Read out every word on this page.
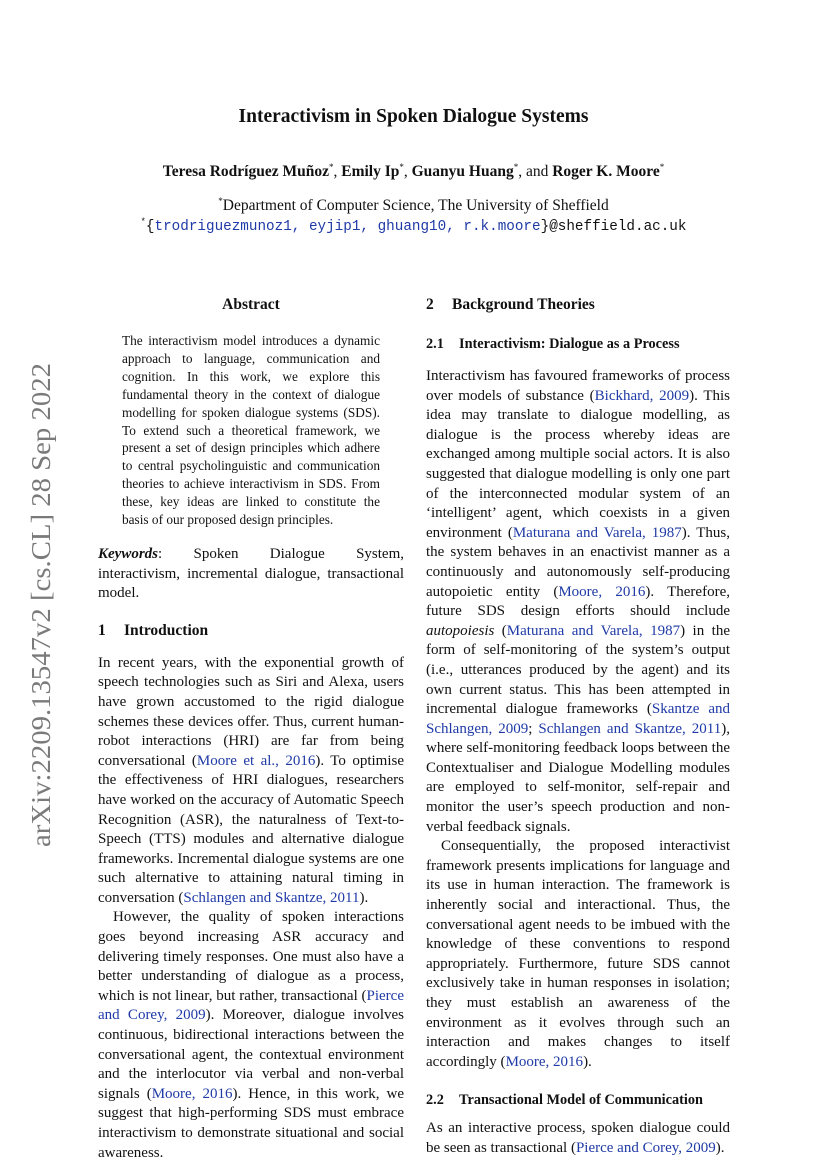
arXiv:2209.13547v2 [cs.CL] 28 Sep 2022
Interactivism in Spoken Dialogue Systems
Teresa Rodríguez Muñoz*, Emily Ip*, Guanyu Huang*, and Roger K. Moore*
*Department of Computer Science, The University of Sheffield
*{trodriguezmunoz1, eyjip1, ghuang10, r.k.moore}@sheffield.ac.uk
Abstract

The interactivism model introduces a dynamic approach to language, communication and cognition. In this work, we explore this fundamental theory in the context of dialogue modelling for spoken dialogue systems (SDS). To extend such a theoretical framework, we present a set of design principles which adhere to central psycholinguistic and communication theories to achieve interactivism in SDS. From these, key ideas are linked to constitute the basis of our proposed design principles.

Keywords: Spoken Dialogue System, interactivism, incremental dialogue, transactional model.
1 Introduction

In recent years, with the exponential growth of speech technologies such as Siri and Alexa, users have grown accustomed to the rigid dialogue schemes these devices offer. Thus, current human-robot interactions (HRI) are far from being conversational (Moore et al., 2016). To optimise the effectiveness of HRI dialogues, researchers have worked on the accuracy of Automatic Speech Recognition (ASR), the naturalness of Text-to-Speech (TTS) modules and alternative dialogue frameworks. Incremental dialogue systems are one such alternative to attaining natural timing in conversation (Schlangen and Skantze, 2011).

However, the quality of spoken interactions goes beyond increasing ASR accuracy and delivering timely responses. One must also have a better understanding of dialogue as a process, which is not linear, but rather, transactional (Pierce and Corey, 2009). Moreover, dialogue involves continuous, bidirectional interactions between the conversational agent, the contextual environment and the interlocutor via verbal and non-verbal signals (Moore, 2016). Hence, in this work, we suggest that high-performing SDS must embrace interactivism to demonstrate situational and social awareness.

2 Background Theories
2.1 Interactivism: Dialogue as a Process

Interactivism has favoured frameworks of process over models of substance (Bickhard, 2009). This idea may translate to dialogue modelling, as dialogue is the process whereby ideas are exchanged among multiple social actors. It is also suggested that dialogue modelling is only one part of the interconnected modular system of an ‘intelligent’ agent, which coexists in a given environment (Maturana and Varela, 1987). Thus, the system behaves in an enactivist manner as a continuously and autonomously self-producing autopoietic entity (Moore, 2016). Therefore, future SDS design efforts should include autopoiesis (Maturana and Varela, 1987) in the form of self-monitoring of the system’s output (i.e., utterances produced by the agent) and its own current status. This has been attempted in incremental dialogue frameworks (Skantze and Schlangen, 2009; Schlangen and Skantze, 2011), where self-monitoring feedback loops between the Contextualiser and Dialogue Modelling modules are employed to self-monitor, self-repair and monitor the user’s speech production and non-verbal feedback signals.

Consequentially, the proposed interactivist framework presents implications for language and its use in human interaction. The framework is inherently social and interactional. Thus, the conversational agent needs to be imbued with the knowledge of these conventions to respond appropriately. Furthermore, future SDS cannot exclusively take in human responses in isolation; they must establish an awareness of the environment as it evolves through such an interaction and makes changes to itself accordingly (Moore, 2016).

2.2 Transactional Model of Communication

As an interactive process, spoken dialogue could be seen as transactional (Pierce and Corey, 2009).
